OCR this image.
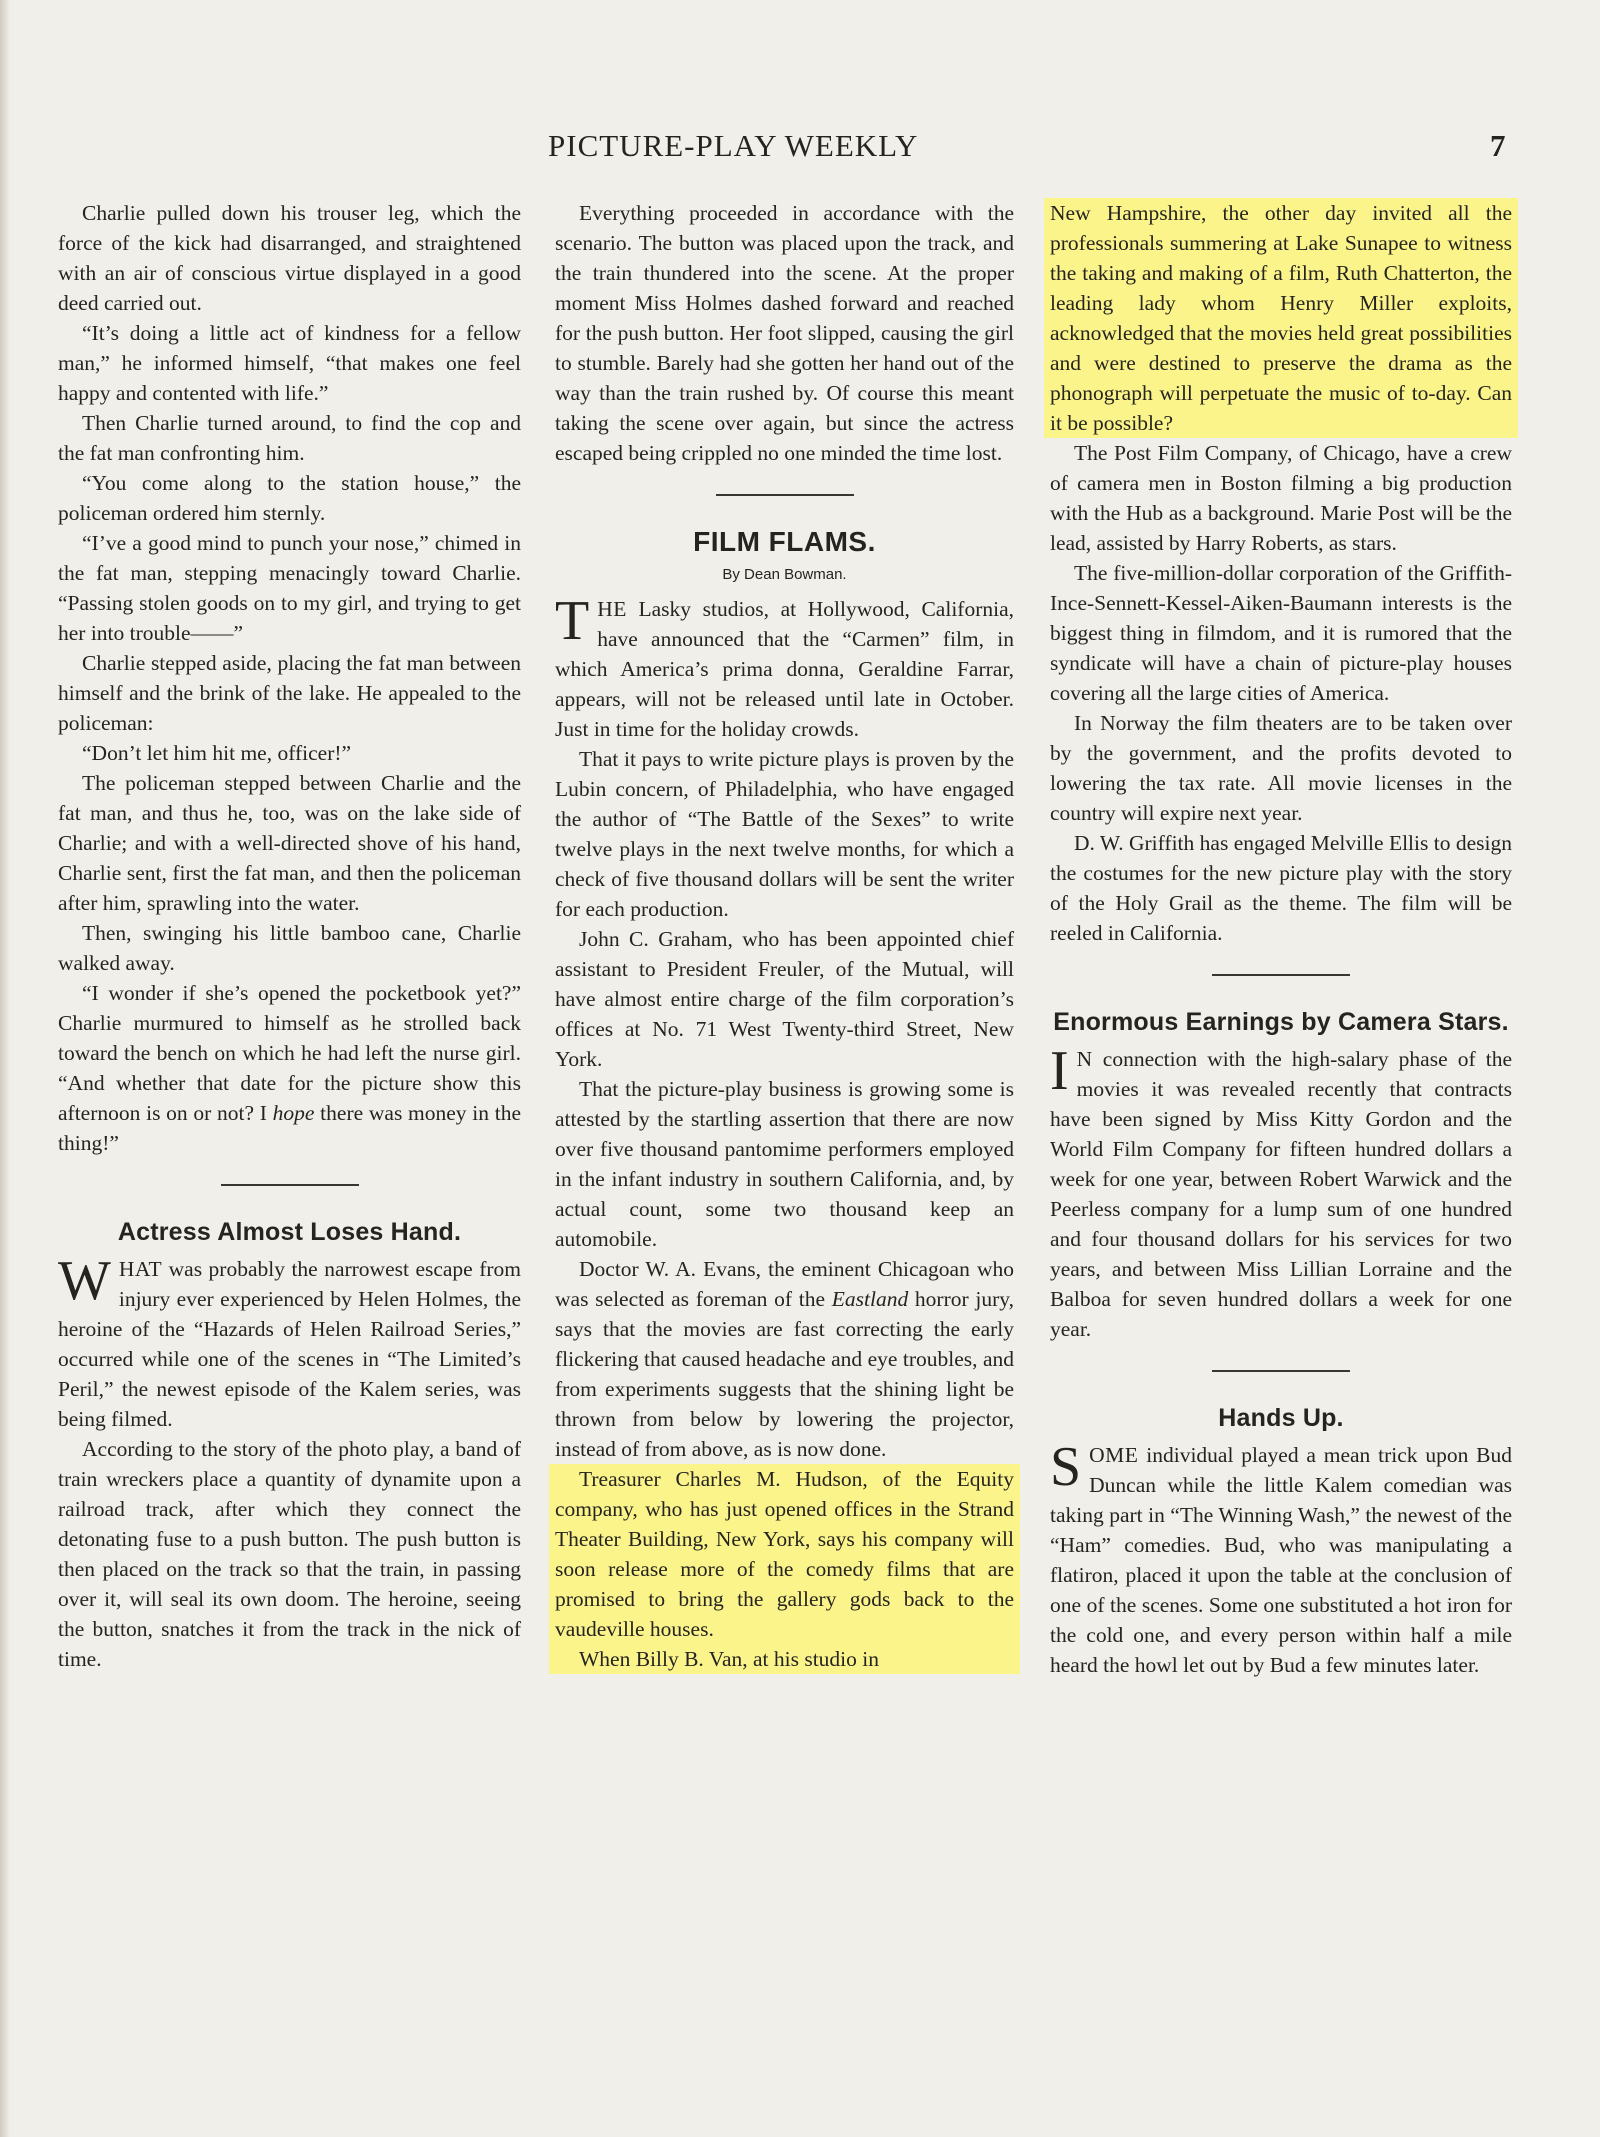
PICTURE-PLAY WEEKLY	7

Charlie pulled down his trouser leg, which the force of the kick had disarranged, and straightened with an air of conscious virtue displayed in a good deed carried out.

“It’s doing a little act of kindness for a fellow man,” he informed himself, “that makes one feel happy and contented with life.”

Then Charlie turned around, to find the cop and the fat man confronting him.

“You come along to the station house,” the policeman ordered him sternly.

“I’ve a good mind to punch your nose,” chimed in the fat man, stepping menacingly toward Charlie. “Passing stolen goods on to my girl, and trying to get her into trouble——”

Charlie stepped aside, placing the fat man between himself and the brink of the lake. He appealed to the policeman:

“Don’t let him hit me, officer!”

The policeman stepped between Charlie and the fat man, and thus he, too, was on the lake side of Charlie; and with a well-directed shove of his hand, Charlie sent, first the fat man, and then the policeman after him, sprawling into the water.

Then, swinging his little bamboo cane, Charlie walked away.

“I wonder if she’s opened the pocketbook yet?” Charlie murmured to himself as he strolled back toward the bench on which he had left the nurse girl. “And whether that date for the picture show this afternoon is on or not? I hope there was money in the thing!”

Actress Almost Loses Hand.

WHAT was probably the narrowest escape from injury ever experienced by Helen Holmes, the heroine of the “Hazards of Helen Railroad Series,” occurred while one of the scenes in “The Limited’s Peril,” the newest episode of the Kalem series, was being filmed.

According to the story of the photo play, a band of train wreckers place a quantity of dynamite upon a railroad track, after which they connect the detonating fuse to a push button. The push button is then placed on the track so that the train, in passing over it, will seal its own doom. The heroine, seeing the button, snatches it from the track in the nick of time.

Everything proceeded in accordance with the scenario. The button was placed upon the track, and the train thundered into the scene. At the proper moment Miss Holmes dashed forward and reached for the push button. Her foot slipped, causing the girl to stumble. Barely had she gotten her hand out of the way than the train rushed by. Of course this meant taking the scene over again, but since the actress escaped being crippled no one minded the time lost.

FILM FLAMS.
By Dean Bowman.

THE Lasky studios, at Hollywood, California, have announced that the “Carmen” film, in which America’s prima donna, Geraldine Farrar, appears, will not be released until late in October. Just in time for the holiday crowds.

That it pays to write picture plays is proven by the Lubin concern, of Philadelphia, who have engaged the author of “The Battle of the Sexes” to write twelve plays in the next twelve months, for which a check of five thousand dollars will be sent the writer for each production.

John C. Graham, who has been appointed chief assistant to President Freuler, of the Mutual, will have almost entire charge of the film corporation’s offices at No. 71 West Twenty-third Street, New York.

That the picture-play business is growing some is attested by the startling assertion that there are now over five thousand pantomime performers employed in the infant industry in southern California, and, by actual count, some two thousand keep an automobile.

Doctor W. A. Evans, the eminent Chicagoan who was selected as foreman of the Eastland horror jury, says that the movies are fast correcting the early flickering that caused headache and eye troubles, and from experiments suggests that the shining light be thrown from below by lowering the projector, instead of from above, as is now done.

Treasurer Charles M. Hudson, of the Equity company, who has just opened offices in the Strand Theater Building, New York, says his company will soon release more of the comedy films that are promised to bring the gallery gods back to the vaudeville houses.

When Billy B. Van, at his studio in

New Hampshire, the other day invited all the professionals summering at Lake Sunapee to witness the taking and making of a film, Ruth Chatterton, the leading lady whom Henry Miller exploits, acknowledged that the movies held great possibilities and were destined to preserve the drama as the phonograph will perpetuate the music of to-day. Can it be possible?

The Post Film Company, of Chicago, have a crew of camera men in Boston filming a big production with the Hub as a background. Marie Post will be the lead, assisted by Harry Roberts, as stars.

The five-million-dollar corporation of the Griffith-Ince-Sennett-Kessel-Aiken-Baumann interests is the biggest thing in filmdom, and it is rumored that the syndicate will have a chain of picture-play houses covering all the large cities of America.

In Norway the film theaters are to be taken over by the government, and the profits devoted to lowering the tax rate. All movie licenses in the country will expire next year.

D. W. Griffith has engaged Melville Ellis to design the costumes for the new picture play with the story of the Holy Grail as the theme. The film will be reeled in California.

Enormous Earnings by Camera Stars.

I N connection with the high-salary phase of the movies it was revealed recently that contracts have been signed by Miss Kitty Gordon and the World Film Company for fifteen hundred dollars a week for one year, between Robert Warwick and the Peerless company for a lump sum of one hundred and four thousand dollars for his services for two years, and between Miss Lillian Lorraine and the Balboa for seven hundred dollars a week for one year.

Hands Up.

SOME individual played a mean trick upon Bud Duncan while the little Kalem comedian was taking part in “The Winning Wash,” the newest of the “Ham” comedies. Bud, who was manipulating a flatiron, placed it upon the table at the conclusion of one of the scenes. Some one substituted a hot iron for the cold one, and every person within half a mile heard the howl let out by Bud a few minutes later.
